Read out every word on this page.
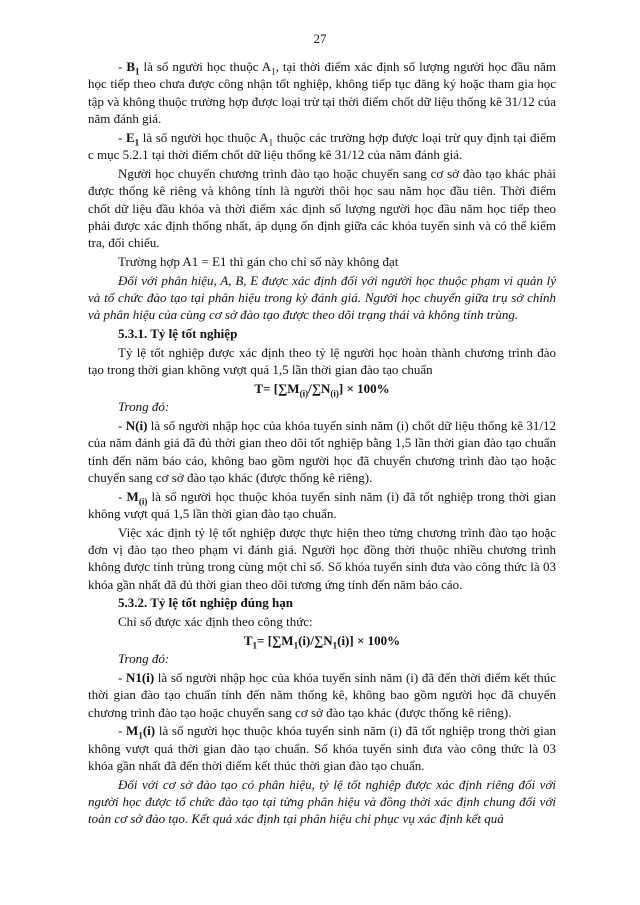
27

- $B_1$ là số người học thuộc $A_1$, tại thời điểm xác định số lượng người học đầu năm học tiếp theo chưa được công nhận tốt nghiệp, không tiếp tục đăng ký hoặc tham gia học tập và không thuộc trường hợp được loại trừ tại thời điểm chốt dữ liệu thống kê 31/12 của năm đánh giá.

- $E_1$ là số người học thuộc $A_1$ thuộc các trường hợp được loại trừ quy định tại điểm c mục 5.2.1 tại thời điểm chốt dữ liệu thống kê 31/12 của năm đánh giá.

Người học chuyển chương trình đào tạo hoặc chuyển sang cơ sở đào tạo khác phải được thống kê riêng và không tính là người thôi học sau năm học đầu tiên. Thời điểm chốt dữ liệu đầu khóa và thời điểm xác định số lượng người học đầu năm học tiếp theo phải được xác định thống nhất, áp dụng ổn định giữa các khóa tuyển sinh và có thể kiểm tra, đối chiếu.

Trường hợp A1 = E1 thì gán cho chỉ số này không đạt

Đối với phân hiệu, A, B, E được xác định đối với người học thuộc phạm vi quản lý và tổ chức đào tạo tại phân hiệu trong kỳ đánh giá. Người học chuyển giữa trụ sở chính và phân hiệu của cùng cơ sở đào tạo được theo dõi trạng thái và không tính trùng.

5.3.1. Tỷ lệ tốt nghiệp

Tỷ lệ tốt nghiệp được xác định theo tỷ lệ người học hoàn thành chương trình đào tạo trong thời gian không vượt quá 1,5 lần thời gian đào tạo chuẩn

$T= [\sum M_{(i)}/\sum N_{(i)}] \times 100\%$

Trong đó:

- N(i) là số người nhập học của khóa tuyển sinh năm (i) chốt dữ liệu thống kê 31/12 của năm đánh giá đã đủ thời gian theo dõi tốt nghiệp bằng 1,5 lần thời gian đào tạo chuẩn tính đến năm báo cáo, không bao gồm người học đã chuyển chương trình đào tạo hoặc chuyển sang cơ sở đào tạo khác (được thống kê riêng).

- $M_{(i)}$ là số người học thuộc khóa tuyển sinh năm (i) đã tốt nghiệp trong thời gian không vượt quá 1,5 lần thời gian đào tạo chuẩn.

Việc xác định tỷ lệ tốt nghiệp được thực hiện theo từng chương trình đào tạo hoặc đơn vị đào tạo theo phạm vi đánh giá. Người học đồng thời thuộc nhiều chương trình không được tính trùng trong cùng một chỉ số. Số khóa tuyển sinh đưa vào công thức là 03 khóa gần nhất đã đủ thời gian theo dõi tương ứng tính đến năm báo cáo.

5.3.2. Tỷ lệ tốt nghiệp đúng hạn

Chỉ số được xác định theo công thức:

$T_1= [\sum M_1(i)/\sum N_1(i)] \times 100\%$

Trong đó:

- N1(i) là số người nhập học của khóa tuyển sinh năm (i) đã đến thời điểm kết thúc thời gian đào tạo chuẩn tính đến năm thống kê, không bao gồm người học đã chuyển chương trình đào tạo hoặc chuyển sang cơ sở đào tạo khác (được thống kê riêng).

- $M_1(i)$ là số người học thuộc khóa tuyển sinh năm (i) đã tốt nghiệp trong thời gian không vượt quá thời gian đào tạo chuẩn. Số khóa tuyển sinh đưa vào công thức là 03 khóa gần nhất đã đến thời điểm kết thúc thời gian đào tạo chuẩn.

Đối với cơ sở đào tạo có phân hiệu, tỷ lệ tốt nghiệp được xác định riêng đối với người học được tổ chức đào tạo tại từng phân hiệu và đồng thời xác định chung đối với toàn cơ sở đào tạo. Kết quả xác định tại phân hiệu chỉ phục vụ xác định kết quả
